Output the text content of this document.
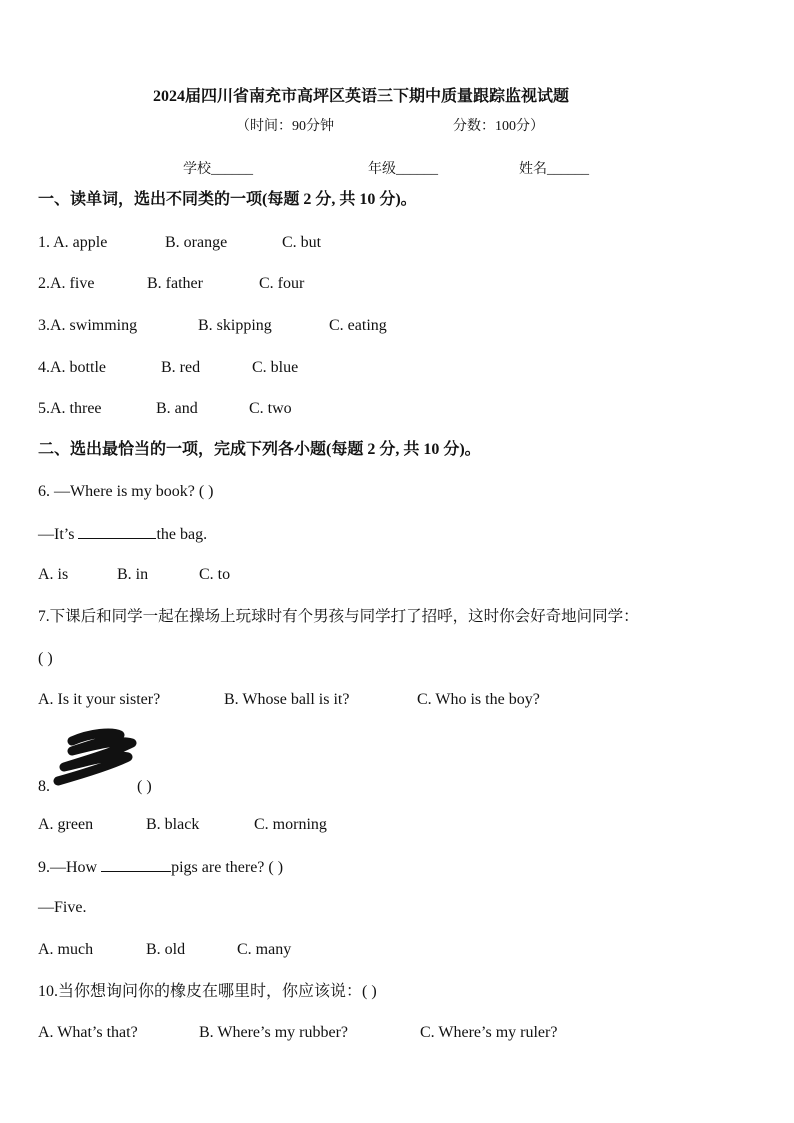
2024届四川省南充市高坪区英语三下期中质量跟踪监视试题
（时间：90分钟	分数：100分）
学校______	年级______	姓名______
一、读单词，选出不同类的一项(每题 2 分, 共 10 分)。
1. A. apple	B. orange	C. but
2.A. five	B. father	C. four
3.A. swimming	B. skipping	C. eating
4.A. bottle	B. red	C. blue
5.A. three	B. and	C. two
二、选出最恰当的一项，完成下列各小题(每题 2 分, 共 10 分)。
6. —Where is my book? ( )
—It’s	the bag.
A. is	B. in	C. to
7.下课后和同学一起在操场上玩球时有个男孩与同学打了招呼，这时你会好奇地问同学：
( )
A. Is it your sister?	B. Whose ball is it?	C. Who is the boy?
8.	( )
A. green	B. black	C. morning
9.—How	pigs are there? ( )
—Five.
A. much	B. old	C. many
10.当你想询问你的橡皮在哪里时，你应该说：( )
A. What’s that?	B. Where’s my rubber?	C. Where’s my ruler?
